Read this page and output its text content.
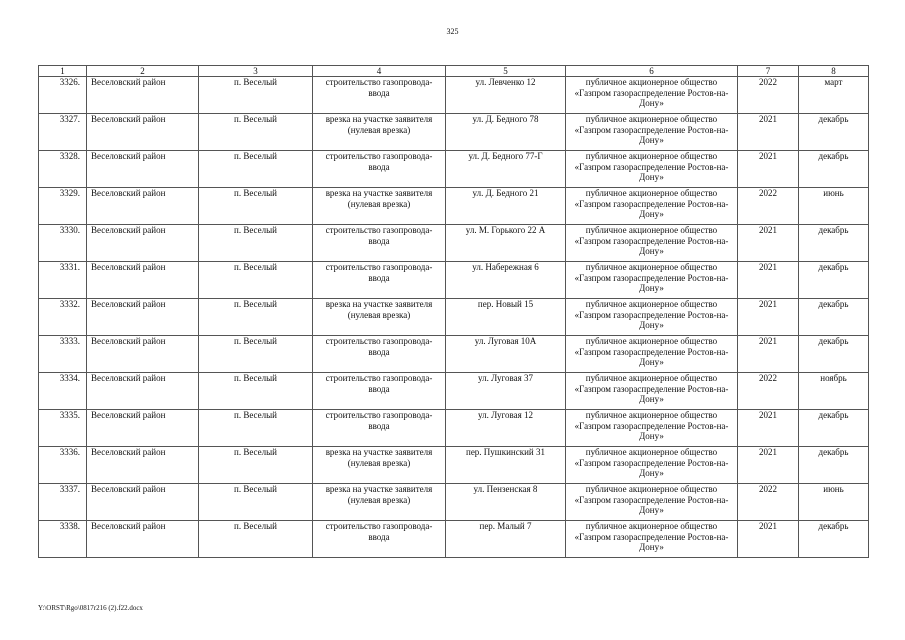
325
1	2	3	4	5	6	7	8
3326.	Веселовский район	п. Веселый	строительство газопровода-ввода	ул. Левченко 12	публичное акционерное общество «Газпром газораспределение Ростов-на-Дону»	2022	март
3327.	Веселовский район	п. Веселый	врезка на участке заявителя (нулевая врезка)	ул. Д. Бедного 78	публичное акционерное общество «Газпром газораспределение Ростов-на-Дону»	2021	декабрь
3328.	Веселовский район	п. Веселый	строительство газопровода-ввода	ул. Д. Бедного 77-Г	публичное акционерное общество «Газпром газораспределение Ростов-на-Дону»	2021	декабрь
3329.	Веселовский район	п. Веселый	врезка на участке заявителя (нулевая врезка)	ул. Д. Бедного 21	публичное акционерное общество «Газпром газораспределение Ростов-на-Дону»	2022	июнь
3330.	Веселовский район	п. Веселый	строительство газопровода-ввода	ул. М. Горького 22 А	публичное акционерное общество «Газпром газораспределение Ростов-на-Дону»	2021	декабрь
3331.	Веселовский район	п. Веселый	строительство газопровода-ввода	ул. Набережная 6	публичное акционерное общество «Газпром газораспределение Ростов-на-Дону»	2021	декабрь
3332.	Веселовский район	п. Веселый	врезка на участке заявителя (нулевая врезка)	пер. Новый 15	публичное акционерное общество «Газпром газораспределение Ростов-на-Дону»	2021	декабрь
3333.	Веселовский район	п. Веселый	строительство газопровода-ввода	ул. Луговая 10А	публичное акционерное общество «Газпром газораспределение Ростов-на-Дону»	2021	декабрь
3334.	Веселовский район	п. Веселый	строительство газопровода-ввода	ул. Луговая 37	публичное акционерное общество «Газпром газораспределение Ростов-на-Дону»	2022	ноябрь
3335.	Веселовский район	п. Веселый	строительство газопровода-ввода	ул. Луговая 12	публичное акционерное общество «Газпром газораспределение Ростов-на-Дону»	2021	декабрь
3336.	Веселовский район	п. Веселый	врезка на участке заявителя (нулевая врезка)	пер. Пушкинский 31	публичное акционерное общество «Газпром газораспределение Ростов-на-Дону»	2021	декабрь
3337.	Веселовский район	п. Веселый	врезка на участке заявителя (нулевая врезка)	ул. Пензенская 8	публичное акционерное общество «Газпром газораспределение Ростов-на-Дону»	2022	июнь
3338.	Веселовский район	п. Веселый	строительство газопровода-ввода	пер. Малый 7	публичное акционерное общество «Газпром газораспределение Ростов-на-Дону»	2021	декабрь
Y:\ORST\Rgo\0817r216 (2).f22.docx
